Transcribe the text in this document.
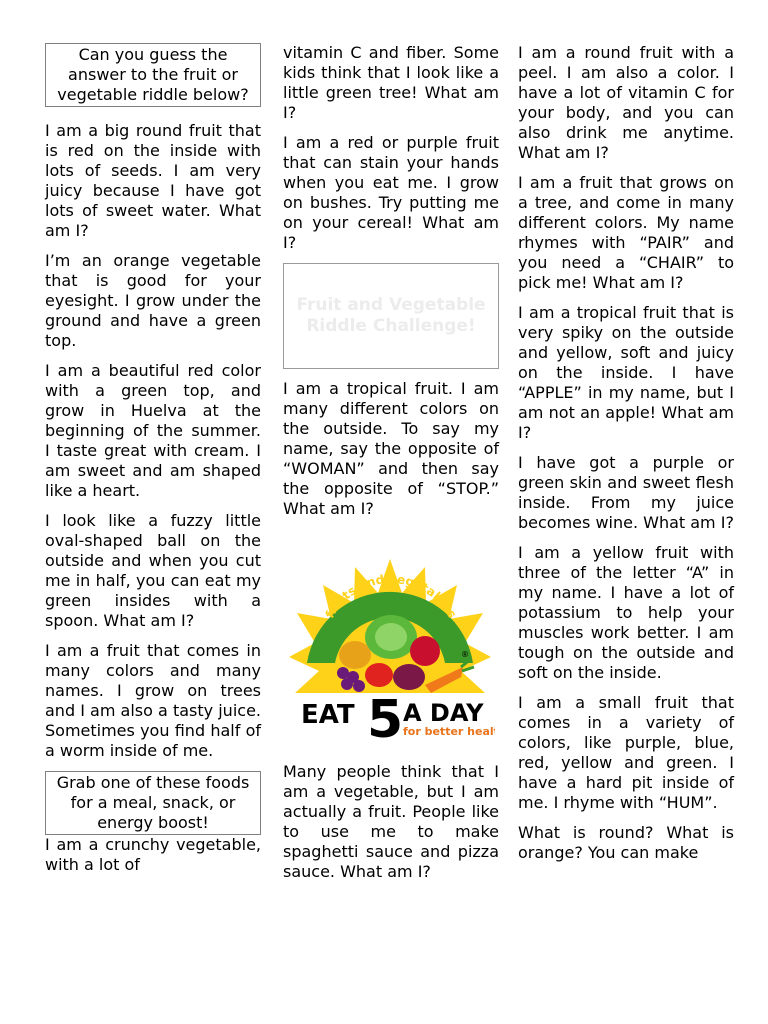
Can you guess the answer to the fruit or vegetable riddle below?

I am a big round fruit that is red on the inside with lots of seeds. I am very juicy because I have got lots of sweet water. What am I?

I’m an orange vegetable that is good for your eyesight. I grow under the ground and have a green top.

I am a beautiful red color with a green top, and grow in Huelva at the beginning of the summer. I taste great with cream. I am sweet and am shaped like a heart.

I look like a fuzzy little oval-shaped ball on the outside and when you cut me in half, you can eat my green insides with a spoon. What am I?

I am a fruit that comes in many colors and many names. I grow on trees and I am also a tasty juice. Sometimes you find half of a worm inside of me.

Grab one of these foods for a meal, snack, or energy boost!

I am a crunchy vegetable, with a lot of

vitamin C and fiber. Some kids think that I look like a little green tree! What am I?

I am a red or purple fruit that can stain your hands when you eat me. I grow on bushes. Try putting me on your cereal! What am I?

Fruit and Vegetable Riddle Challenge!

I am a tropical fruit. I am many different colors on the outside. To say my name, say the opposite of “WOMAN” and then say the opposite of “STOP.” What am I?

fruits and vegetables
®
EAT 5 A DAY
for better heal

Many people think that I am a vegetable, but I am actually a fruit. People like to use me to make spaghetti sauce and pizza sauce. What am I?

I am a round fruit with a peel. I am also a color. I have a lot of vitamin C for your body, and you can also drink me anytime. What am I?

I am a fruit that grows on a tree, and come in many different colors. My name rhymes with “PAIR” and you need a “CHAIR” to pick me! What am I?

I am a tropical fruit that is very spiky on the outside and yellow, soft and juicy on the inside. I have “APPLE” in my name, but I am not an apple! What am I?

I have got a purple or green skin and sweet flesh inside. From my juice becomes wine. What am I?

I am a yellow fruit with three of the letter “A” in my name. I have a lot of potassium to help your muscles work better. I am tough on the outside and soft on the inside.

I am a small fruit that comes in a variety of colors, like purple, blue, red, yellow and green. I have a hard pit inside of me. I rhyme with “HUM”.

What is round? What is orange? You can make
